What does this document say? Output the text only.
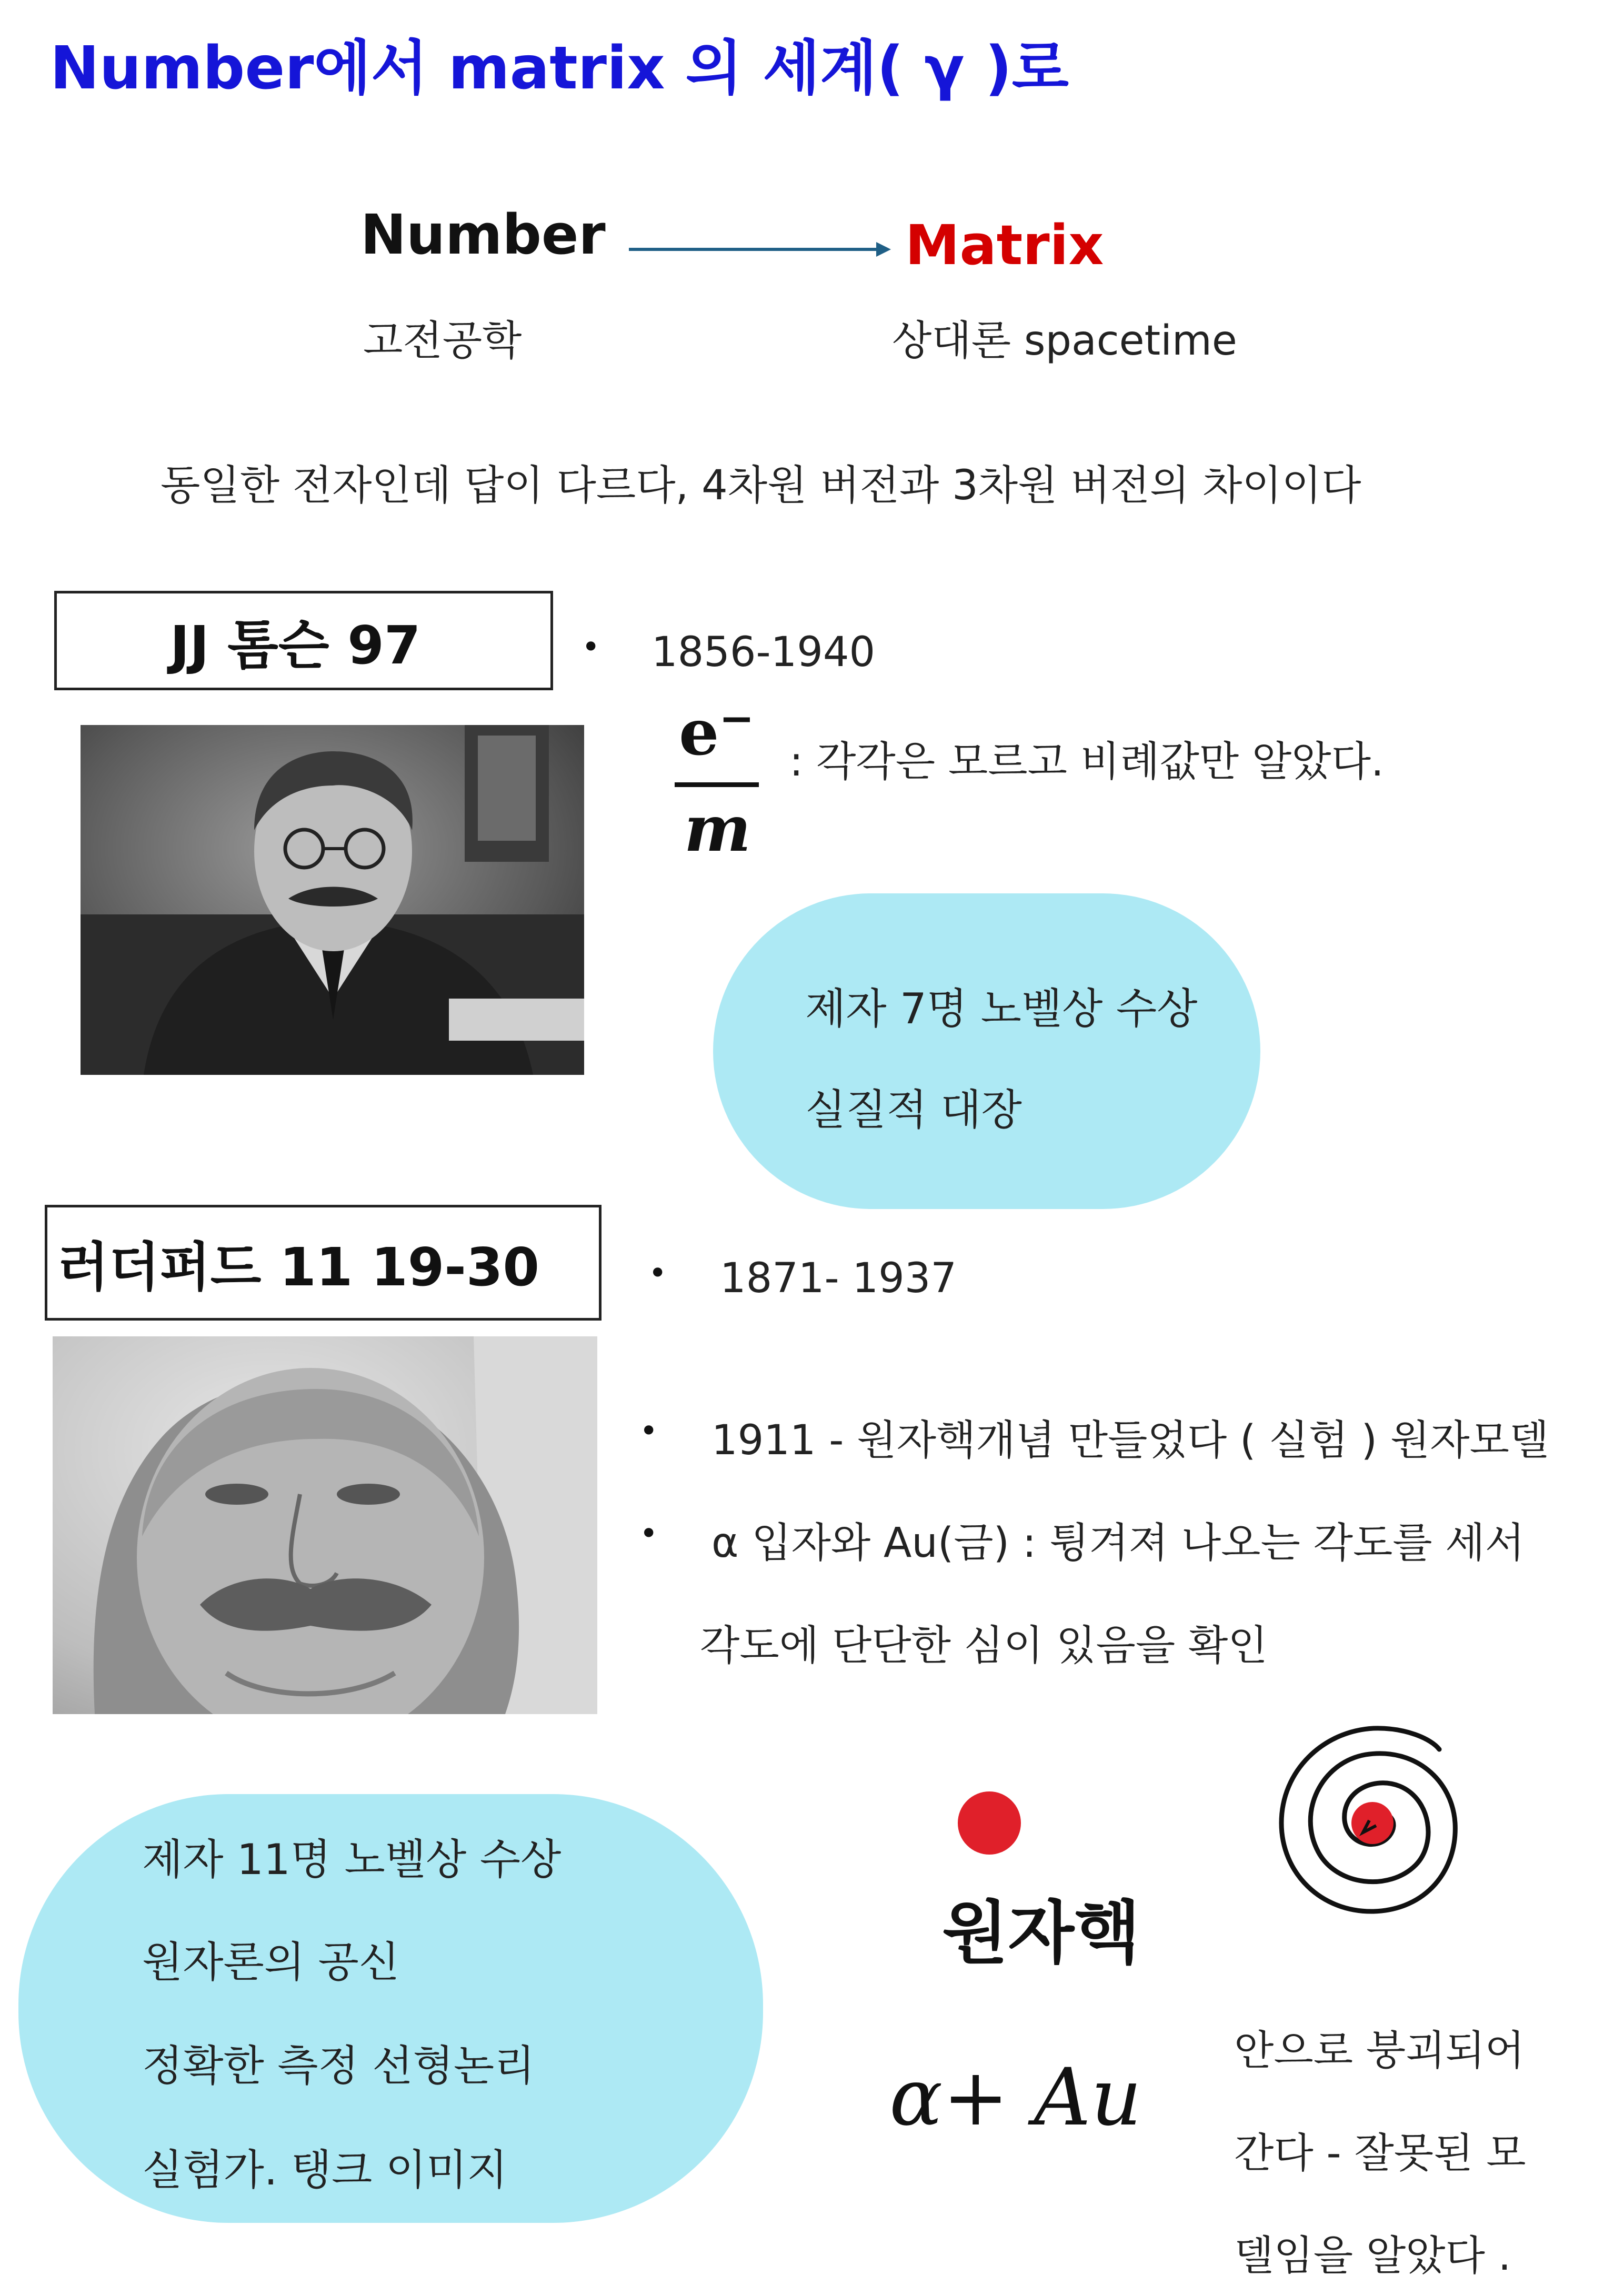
Number에서 matrix 의 세계( γ )로
Number	Matrix
고전공학	상대론 spacetime
동일한 전자인데 답이 다르다, 4차원 버전과 3차원 버전의 차이이다
JJ 톰슨 97	• 1856-1940
e−
m
: 각각은 모르고 비례값만 알았다.
제자 7명 노벨상 수상
실질적 대장
러더퍼드 11 19-30	• 1871- 1937
• 1911 - 원자핵개념 만들었다 ( 실험 ) 원자모델
• α 입자와 Au(금) : 튕겨져 나오는 각도를 세서
각도에 단단한 심이 있음을 확인
제자 11명 노벨상 수상
원자론의 공신
정확한 측정 선형논리
실험가. 탱크 이미지
원자핵
α+ Au
안으로 붕괴되어
간다 - 잘못된 모
델임을 알았다 .
